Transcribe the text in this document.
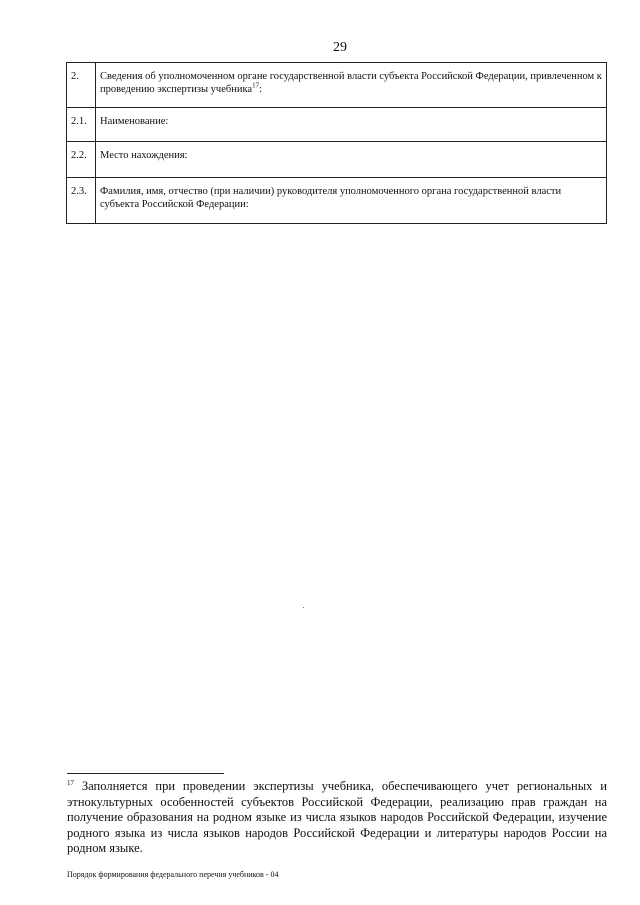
29
2.	Сведения об уполномоченном органе государственной власти субъекта Российской Федерации, привлеченном к проведению экспертизы учебника$^{17}$:
2.1.	Наименование:
2.2.	Место нахождения:
2.3.	Фамилия, имя, отчество (при наличии) руководителя уполномоченного органа государственной власти субъекта Российской Федерации:
$^{17}$ Заполняется при проведении экспертизы учебника, обеспечивающего учет региональных и этнокультурных особенностей субъектов Российской Федерации, реализацию прав граждан на получение образования на родном языке из числа языков народов Российской Федерации, изучение родного языка из числа языков народов Российской Федерации и литературы народов России на родном языке.
Порядок формирования федерального перечня учебников - 04
